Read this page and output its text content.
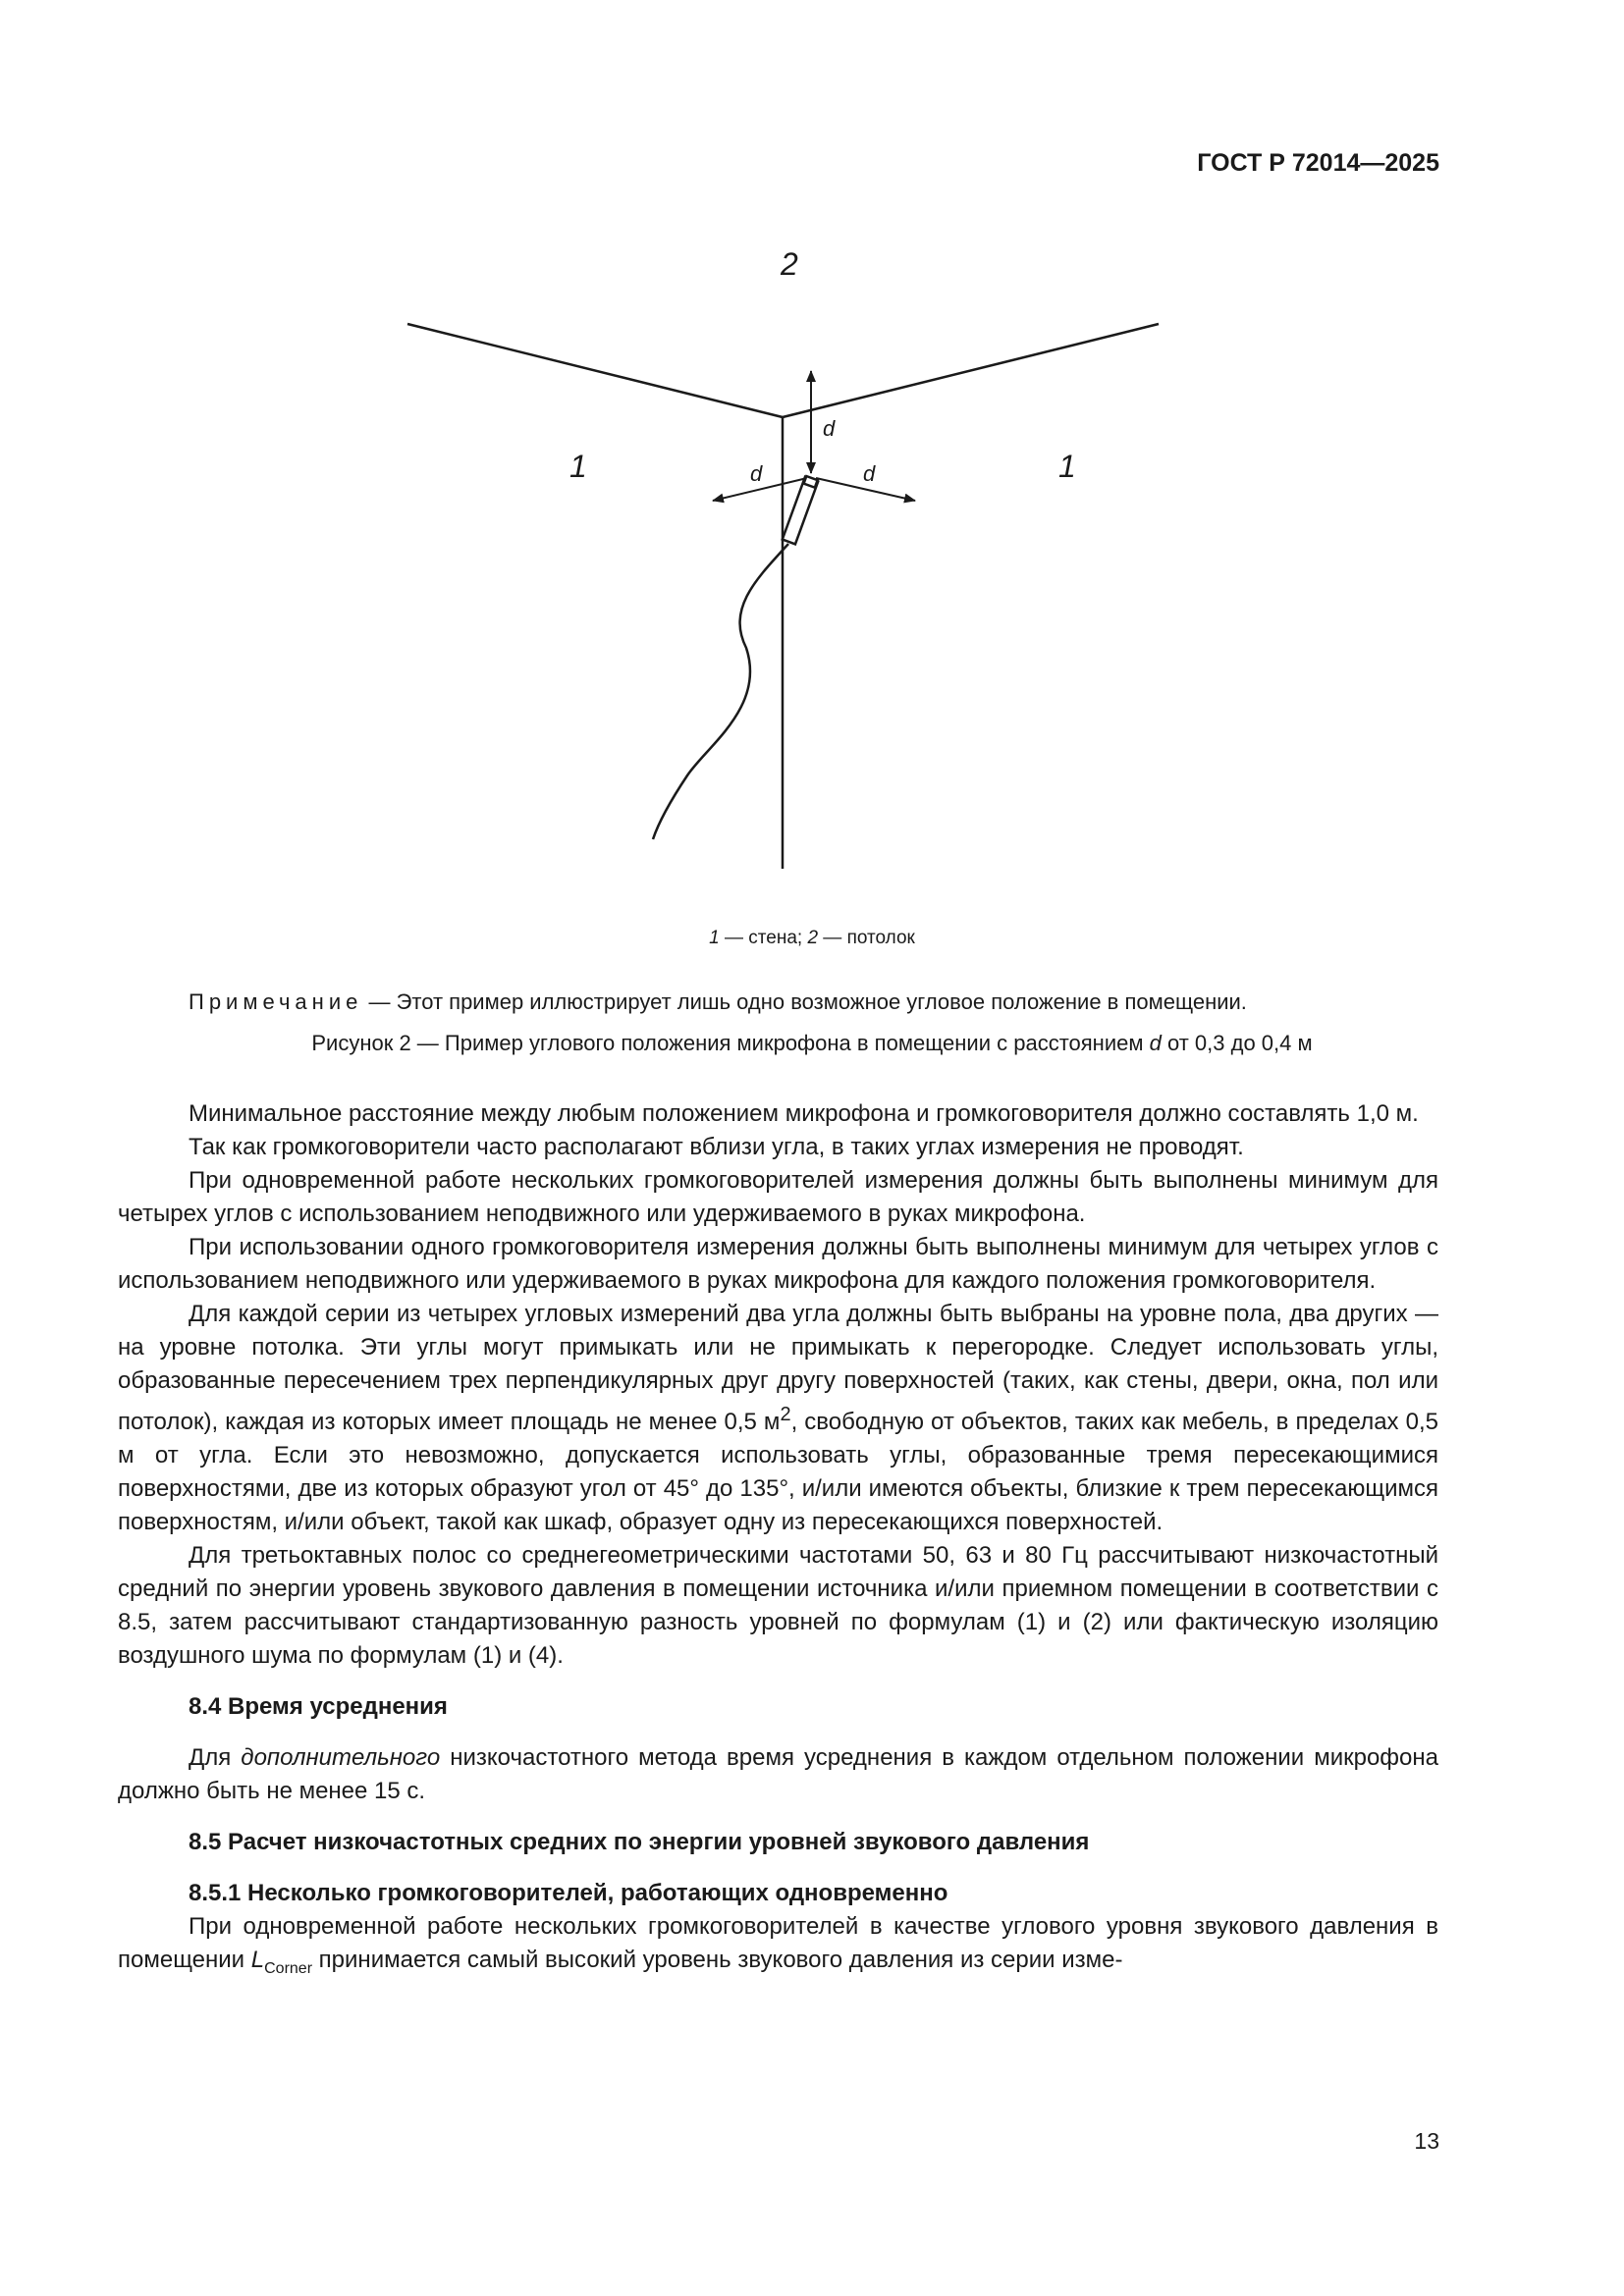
ГОСТ Р 72014—2025
2
1	1
d
d	d
1 — стена; 2 — потолок
Примечание — Этот пример иллюстрирует лишь одно возможное угловое положение в помещении.
Рисунок 2 — Пример углового положения микрофона в помещении с расстоянием d от 0,3 до 0,4 м

Минимальное расстояние между любым положением микрофона и громкоговорителя должно составлять 1,0 м.

Так как громкоговорители часто располагают вблизи угла, в таких углах измерения не проводят.

При одновременной работе нескольких громкоговорителей измерения должны быть выполнены минимум для четырех углов с использованием неподвижного или удерживаемого в руках микрофона.

При использовании одного громкоговорителя измерения должны быть выполнены минимум для четырех углов с использованием неподвижного или удерживаемого в руках микрофона для каждого положения громкоговорителя.

Для каждой серии из четырех угловых измерений два угла должны быть выбраны на уровне пола, два других — на уровне потолка. Эти углы могут примыкать или не примыкать к перегородке. Следует использовать углы, образованные пересечением трех перпендикулярных друг другу поверхностей (таких, как стены, двери, окна, пол или потолок), каждая из которых имеет площадь не менее 0,5 $м^2$, свободную от объектов, таких как мебель, в пределах 0,5 м от угла. Если это невозможно, допускается использовать углы, образованные тремя пересекающимися поверхностями, две из которых образуют угол от 45° до 135°, и/или имеются объекты, близкие к трем пересекающимся поверхностям, и/или объект, такой как шкаф, образует одну из пересекающихся поверхностей.

Для третьоктавных полос со среднегеометрическими частотами 50, 63 и 80 Гц рассчитывают низкочастотный средний по энергии уровень звукового давления в помещении источника и/или приемном помещении в соответствии с 8.5, затем рассчитывают стандартизованную разность уровней по формулам (1) и (2) или фактическую изоляцию воздушного шума по формулам (1) и (4).

8.4 Время усреднения

Для дополнительного низкочастотного метода время усреднения в каждом отдельном положении микрофона должно быть не менее 15 с.

8.5 Расчет низкочастотных средних по энергии уровней звукового давления
8.5.1 Несколько громкоговорителей, работающих одновременно

При одновременной работе нескольких громкоговорителей в качестве углового уровня звукового давления в помещении $L_{Corner}$ принимается самый высокий уровень звукового давления из серии изме-

13
